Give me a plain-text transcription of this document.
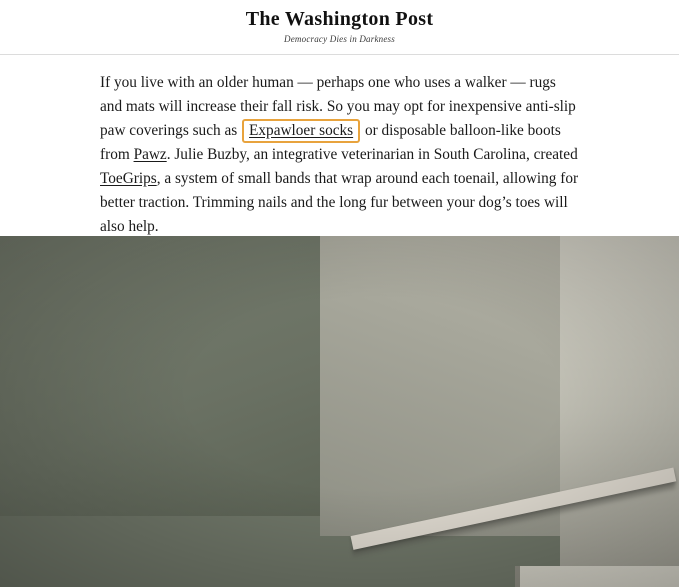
The Washington Post
Democracy Dies in Darkness

If you live with an older human — perhaps one who uses a walker — rugs and mats will increase their fall risk. So you may opt for inexpensive anti-slip paw coverings such as Expawloer socks or disposable balloon-like boots from Pawz. Julie Buzby, an integrative veterinarian in South Carolina, created ToeGrips, a system of small bands that wrap around each toenail, allowing for better traction. Trimming nails and the long fur between your dog’s toes will also help.
